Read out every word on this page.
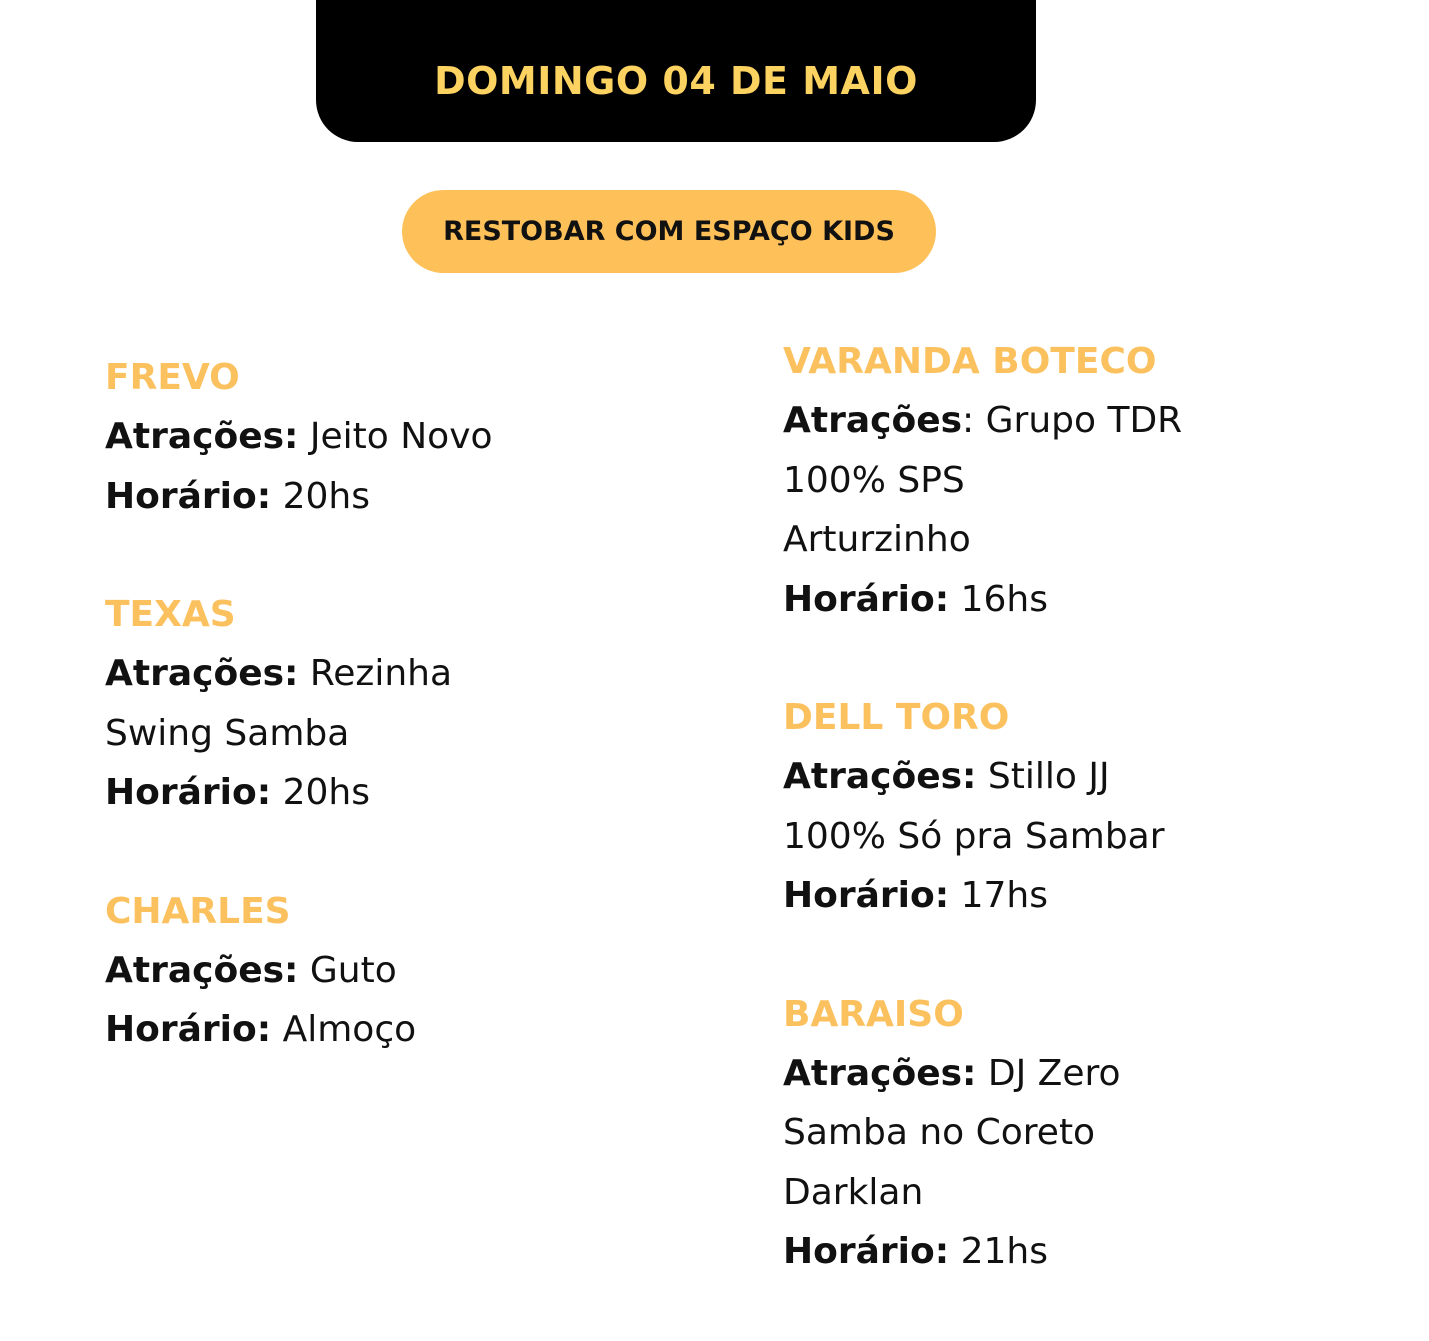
DOMINGO 04 DE MAIO
RESTOBAR COM ESPAÇO KIDS
FREVO
Atrações: Jeito Novo
Horário: 20hs
TEXAS
Atrações: Rezinha
Swing Samba
Horário: 20hs
CHARLES
Atrações: Guto
Horário: Almoço
VARANDA BOTECO
Atrações: Grupo TDR
100% SPS
Arturzinho
Horário: 16hs
DELL TORO
Atrações: Stillo JJ
100% Só pra Sambar
Horário: 17hs
BARAISO
Atrações: DJ Zero
Samba no Coreto
Darklan
Horário: 21hs
